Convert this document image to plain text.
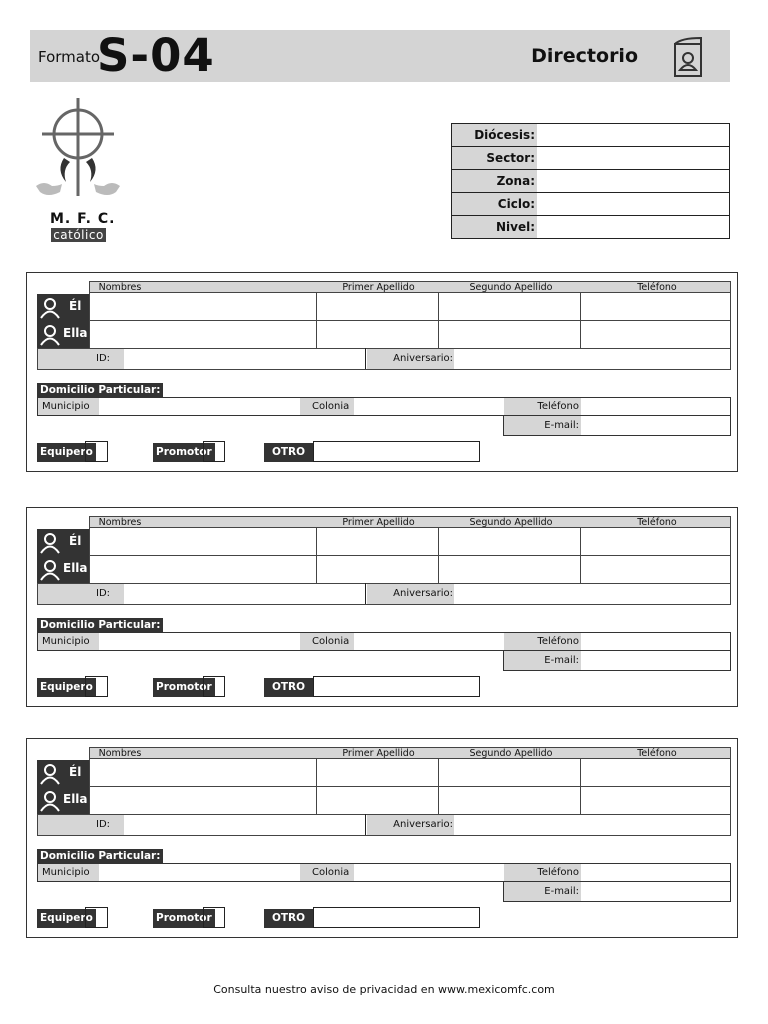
Formato
S-04	Directorio
M. F. C.
católico
Diócesis:
Sector:
Zona:
Ciclo:
Nivel:
Nombres	Primer Apellido	Segundo Apellido	Teléfono
Él
Ella
ID:	Aniversario:
Domicilio Particular:
Municipio	Colonia	Teléfono
E-mail:
Equipero	Promotor	OTRO
Nombres	Primer Apellido	Segundo Apellido	Teléfono
Él
Ella
ID:	Aniversario:
Domicilio Particular:
Municipio	Colonia	Teléfono
E-mail:
Equipero	Promotor	OTRO
Nombres	Primer Apellido	Segundo Apellido	Teléfono
Él
Ella
ID:	Aniversario:
Domicilio Particular:
Municipio	Colonia	Teléfono
E-mail:
Equipero	Promotor	OTRO
Consulta nuestro aviso de privacidad en www.mexicomfc.com
